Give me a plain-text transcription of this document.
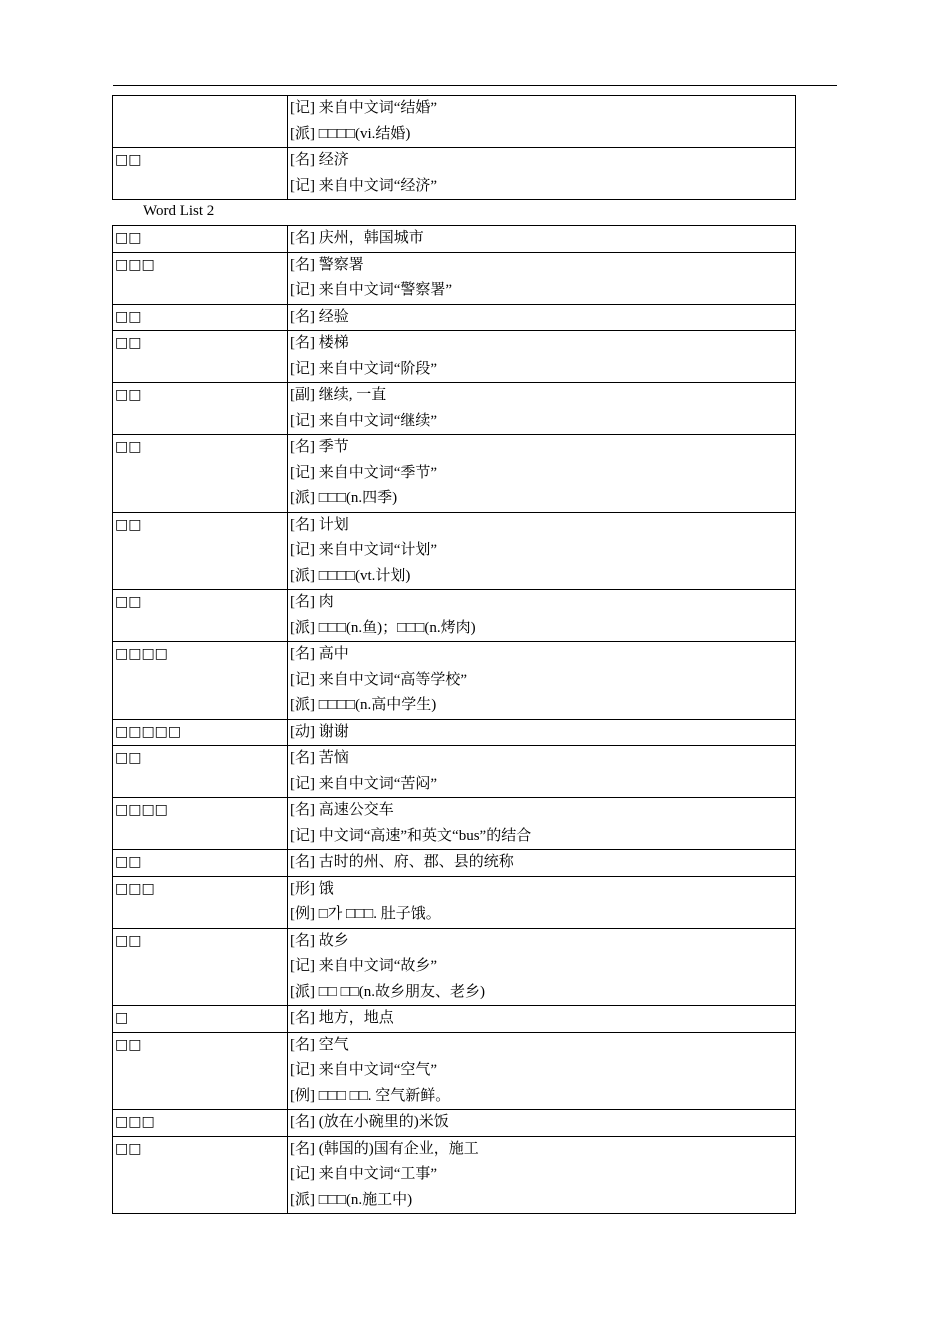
	[记] 来自中文词“结婚”
[派] □□□□(vi.结婚)

□□	[名] 经济
[记] 来自中文词“经济”
Word List 2
□□	[名] 庆州，韩国城市

□□□	[名] 警察署
[记] 来自中文词“警察署”

□□	[名] 经验

□□	[名] 楼梯
[记] 来自中文词“阶段”

□□	[副] 继续, 一直
[记] 来自中文词“继续”

□□	[名] 季节
[记] 来自中文词“季节”
[派] □□□(n.四季)

□□	[名] 计划
[记] 来自中文词“计划”
[派] □□□□(vt.计划)

□□	[名] 肉
[派] □□□(n.鱼)；□□□(n.烤肉)

□□□□	[名] 高中
[记] 来自中文词“高等学校”
[派] □□□□(n.高中学生)

□□□□□	[动] 谢谢

□□	[名] 苦恼
[记] 来自中文词“苦闷”

□□□□	[名] 高速公交车
[记] 中文词“高速”和英文“bus”的结合

□□	[名] 古时的州、府、郡、县的统称

□□□	[形] 饿
[例] □가 □□□. 肚子饿。

□□	[名] 故乡
[记] 来自中文词“故乡”
[派] □□ □□(n.故乡朋友、老乡)

□	[名] 地方，地点

□□	[名] 空气
[记] 来自中文词“空气”
[例] □□□ □□. 空气新鲜。

□□□	[名] (放在小碗里的)米饭

□□	[名] (韩国的)国有企业，施工
[记] 来自中文词“工事”
[派] □□□(n.施工中)
